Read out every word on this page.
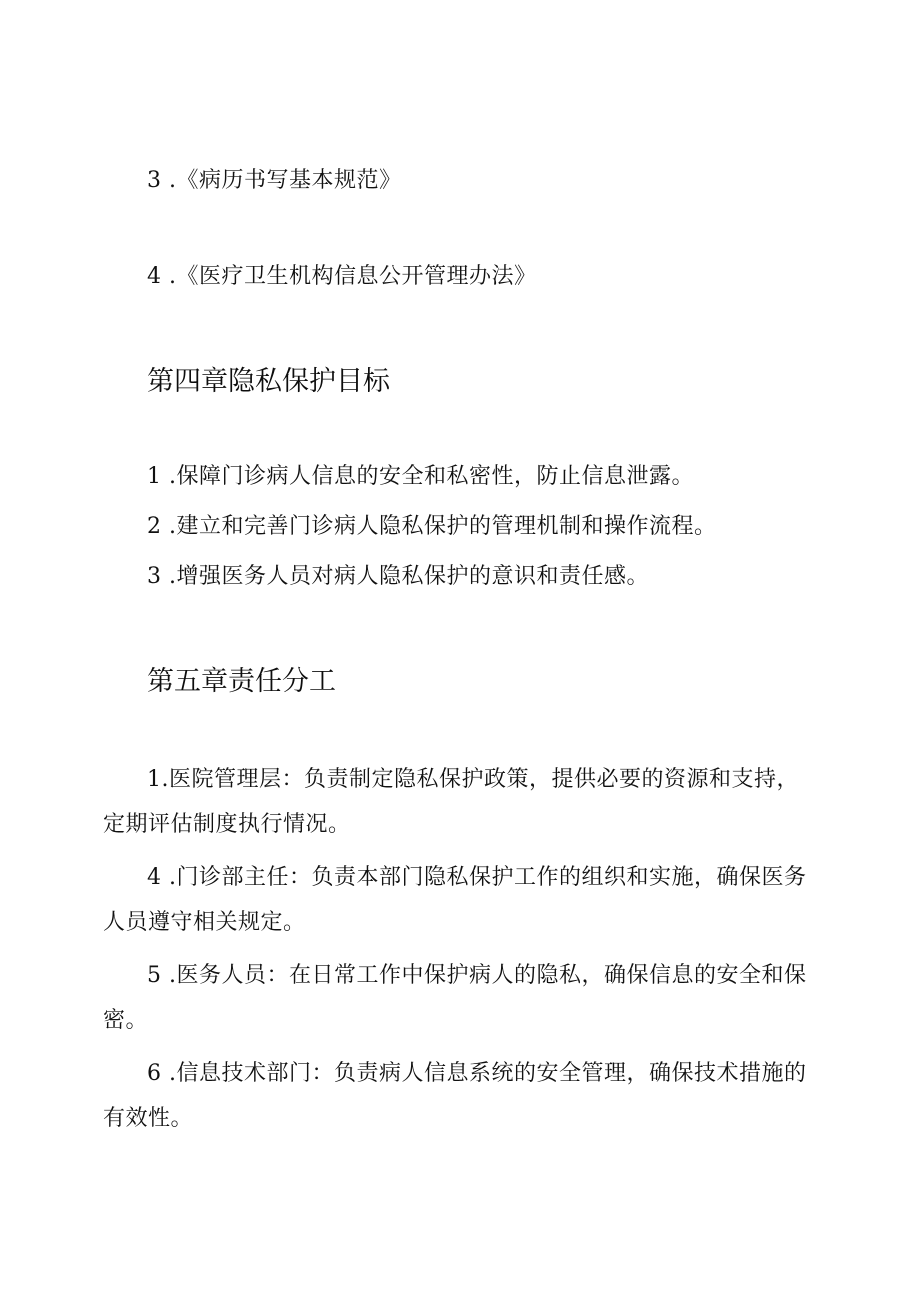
3 .《病历书写基本规范》
4 .《医疗卫生机构信息公开管理办法》
第四章隐私保护目标
1 .保障门诊病人信息的安全和私密性，防止信息泄露。
2 .建立和完善门诊病人隐私保护的管理机制和操作流程。
3 .增强医务人员对病人隐私保护的意识和责任感。
第五章责任分工
1.医院管理层：负责制定隐私保护政策，提供必要的资源和支持，定期评估制度执行情况。
4 .门诊部主任：负责本部门隐私保护工作的组织和实施，确保医务人员遵守相关规定。
5 .医务人员：在日常工作中保护病人的隐私，确保信息的安全和保密。
6 .信息技术部门：负责病人信息系统的安全管理，确保技术措施的有效性。
